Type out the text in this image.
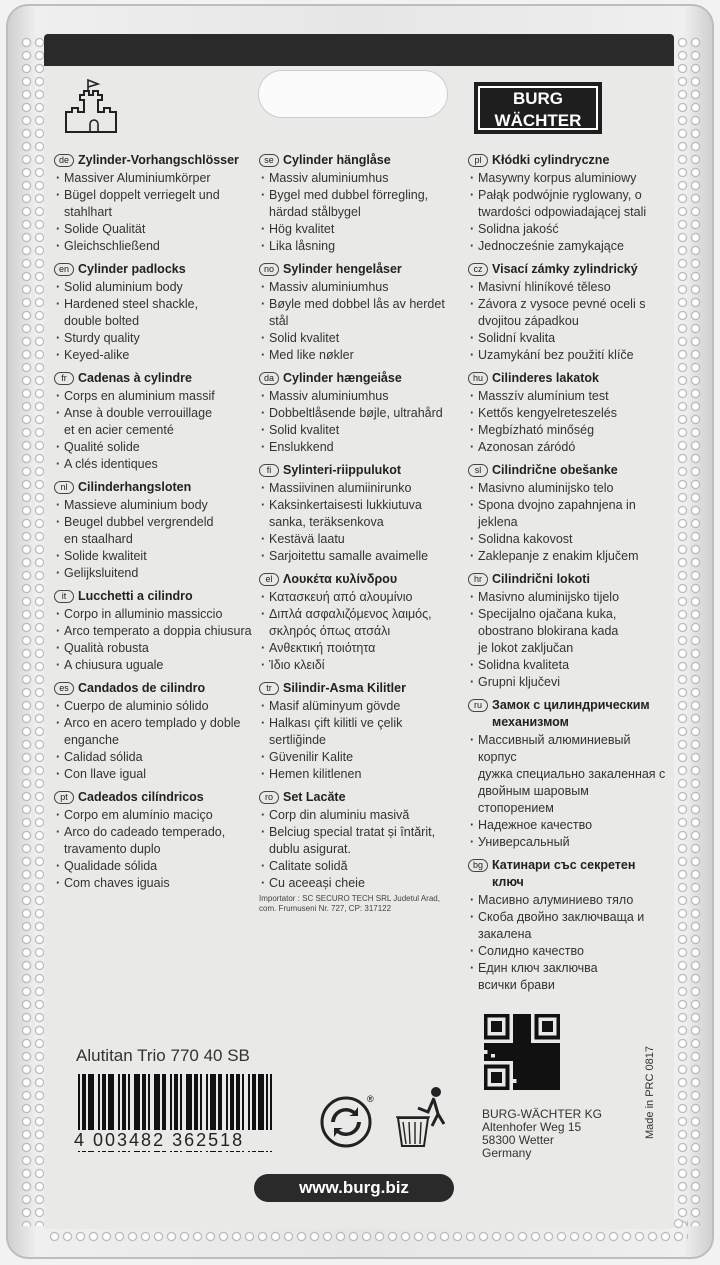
BURG
WÄCHTER
de Zylinder-Vorhangschlösser
· Massiver Aluminiumkörper
· Bügel doppelt verriegelt und
stahlhart
· Solide Qualität
· Gleichschließend
en Cylinder padlocks
· Solid aluminium body
· Hardened steel shackle,
double bolted
· Sturdy quality
· Keyed-alike
fr Cadenas à cylindre
· Corps en aluminium massif
· Anse à double verrouillage
et en acier cementé
· Qualité solide
· A clés identiques
nl Cilinderhangsloten
· Massieve aluminium body
· Beugel dubbel vergrendeld
en staalhard
· Solide kwaliteit
· Gelijksluitend
it Lucchetti a cilindro
· Corpo in alluminio massiccio
· Arco temperato a doppia chiusura
· Qualità robusta
· A chiusura uguale
es Candados de cilindro
· Cuerpo de aluminio sólido
· Arco en acero templado y doble
enganche
· Calidad sólida
· Con llave igual
pt Cadeados cilíndricos
· Corpo em alumínio maciço
· Arco do cadeado temperado,
travamento duplo
· Qualidade sólida
· Com chaves iguais
se Cylinder hänglåse
· Massiv aluminiumhus
· Bygel med dubbel förregling,
härdad stålbygel
· Hög kvalitet
· Lika låsning
no Sylinder hengelåser
· Massiv aluminiumhus
· Bøyle med dobbel lås av herdet
stål
· Solid kvalitet
· Med like nøkler
da Cylinder hængeiåse
· Massiv aluminiumhus
· Dobbeltlåsende bøjle, ultrahård
· Solid kvalitet
· Enslukkend
fi Sylinteri-riippulukot
· Massiivinen alumiinirunko
· Kaksinkertaisesti lukkiutuva
sanka, teräksenkova
· Kestävä laatu
· Sarjoitettu samalle avaimelle
el Λουκέτα κυλίνδρου
· Κατασκευή από αλουμίνιο
· Διπλά ασφαλιζόμενος λαιμός,
σκληρός όπως ατσάλι
· Ανθεκτική ποιότητα
· Ίδιο κλειδί
tr Silindir-Asma Kilitler
· Masif alüminyum gövde
· Halkası çift kilitli ve çelik
sertliğinde
· Güvenilir Kalite
· Hemen kilitlenen
ro Set Lacăte
· Corp din aluminiu masivă
· Belciug special tratat și întărit,
dublu asigurat.
· Calitate solidă
· Cu aceeași cheie
Importator : SC SECURO TECH SRL Judetul Arad, com. Frumuseni Nr. 727, CP: 317122
pl Kłódki cylindryczne
· Masywny korpus aluminiowy
· Pałąk podwójnie ryglowany, o
twardości odpowiadającej stali
· Solidna jakość
· Jednocześnie zamykające
cz Visací zámky zylindrický
· Masivní hliníkové těleso
· Závora z vysoce pevné oceli s
dvojitou západkou
· Solidní kvalita
· Uzamykání bez použití klíče
hu Cilinderes lakatok
· Masszív alumínium test
· Kettős kengyelreteszelés
· Megbízható minőség
· Azonosan záródó
sl Cilindrične obešanke
· Masivno aluminijsko telo
· Spona dvojno zapahnjena in
jeklena
· Solidna kakovost
· Zaklepanje z enakim ključem
hr Cilindrični lokoti
· Masivno aluminijsko tijelo
· Specijalno ojačana kuka,
obostrano blokirana kada
je lokot zaključan
· Solidna kvaliteta
· Grupni ključevi
ru Замок с цилиндрическим механизмом
· Массивный алюминиевый корпус
дужка специально закаленная с
двойным шаровым стопорением
· Надежное качество
· Универсальный
bg Катинари със секретен ключ
· Масивно алуминиево тяло
· Скоба двойно заключваща и
закалена
· Солидно качество
· Един ключ заключва
всички брави
Alutitan Trio 770 40 SB
4 003482 362518
®
BURG-WÄCHTER KG
Altenhofer Weg 15
58300 Wetter
Germany
Made in PRC 0817
www.burg.biz
